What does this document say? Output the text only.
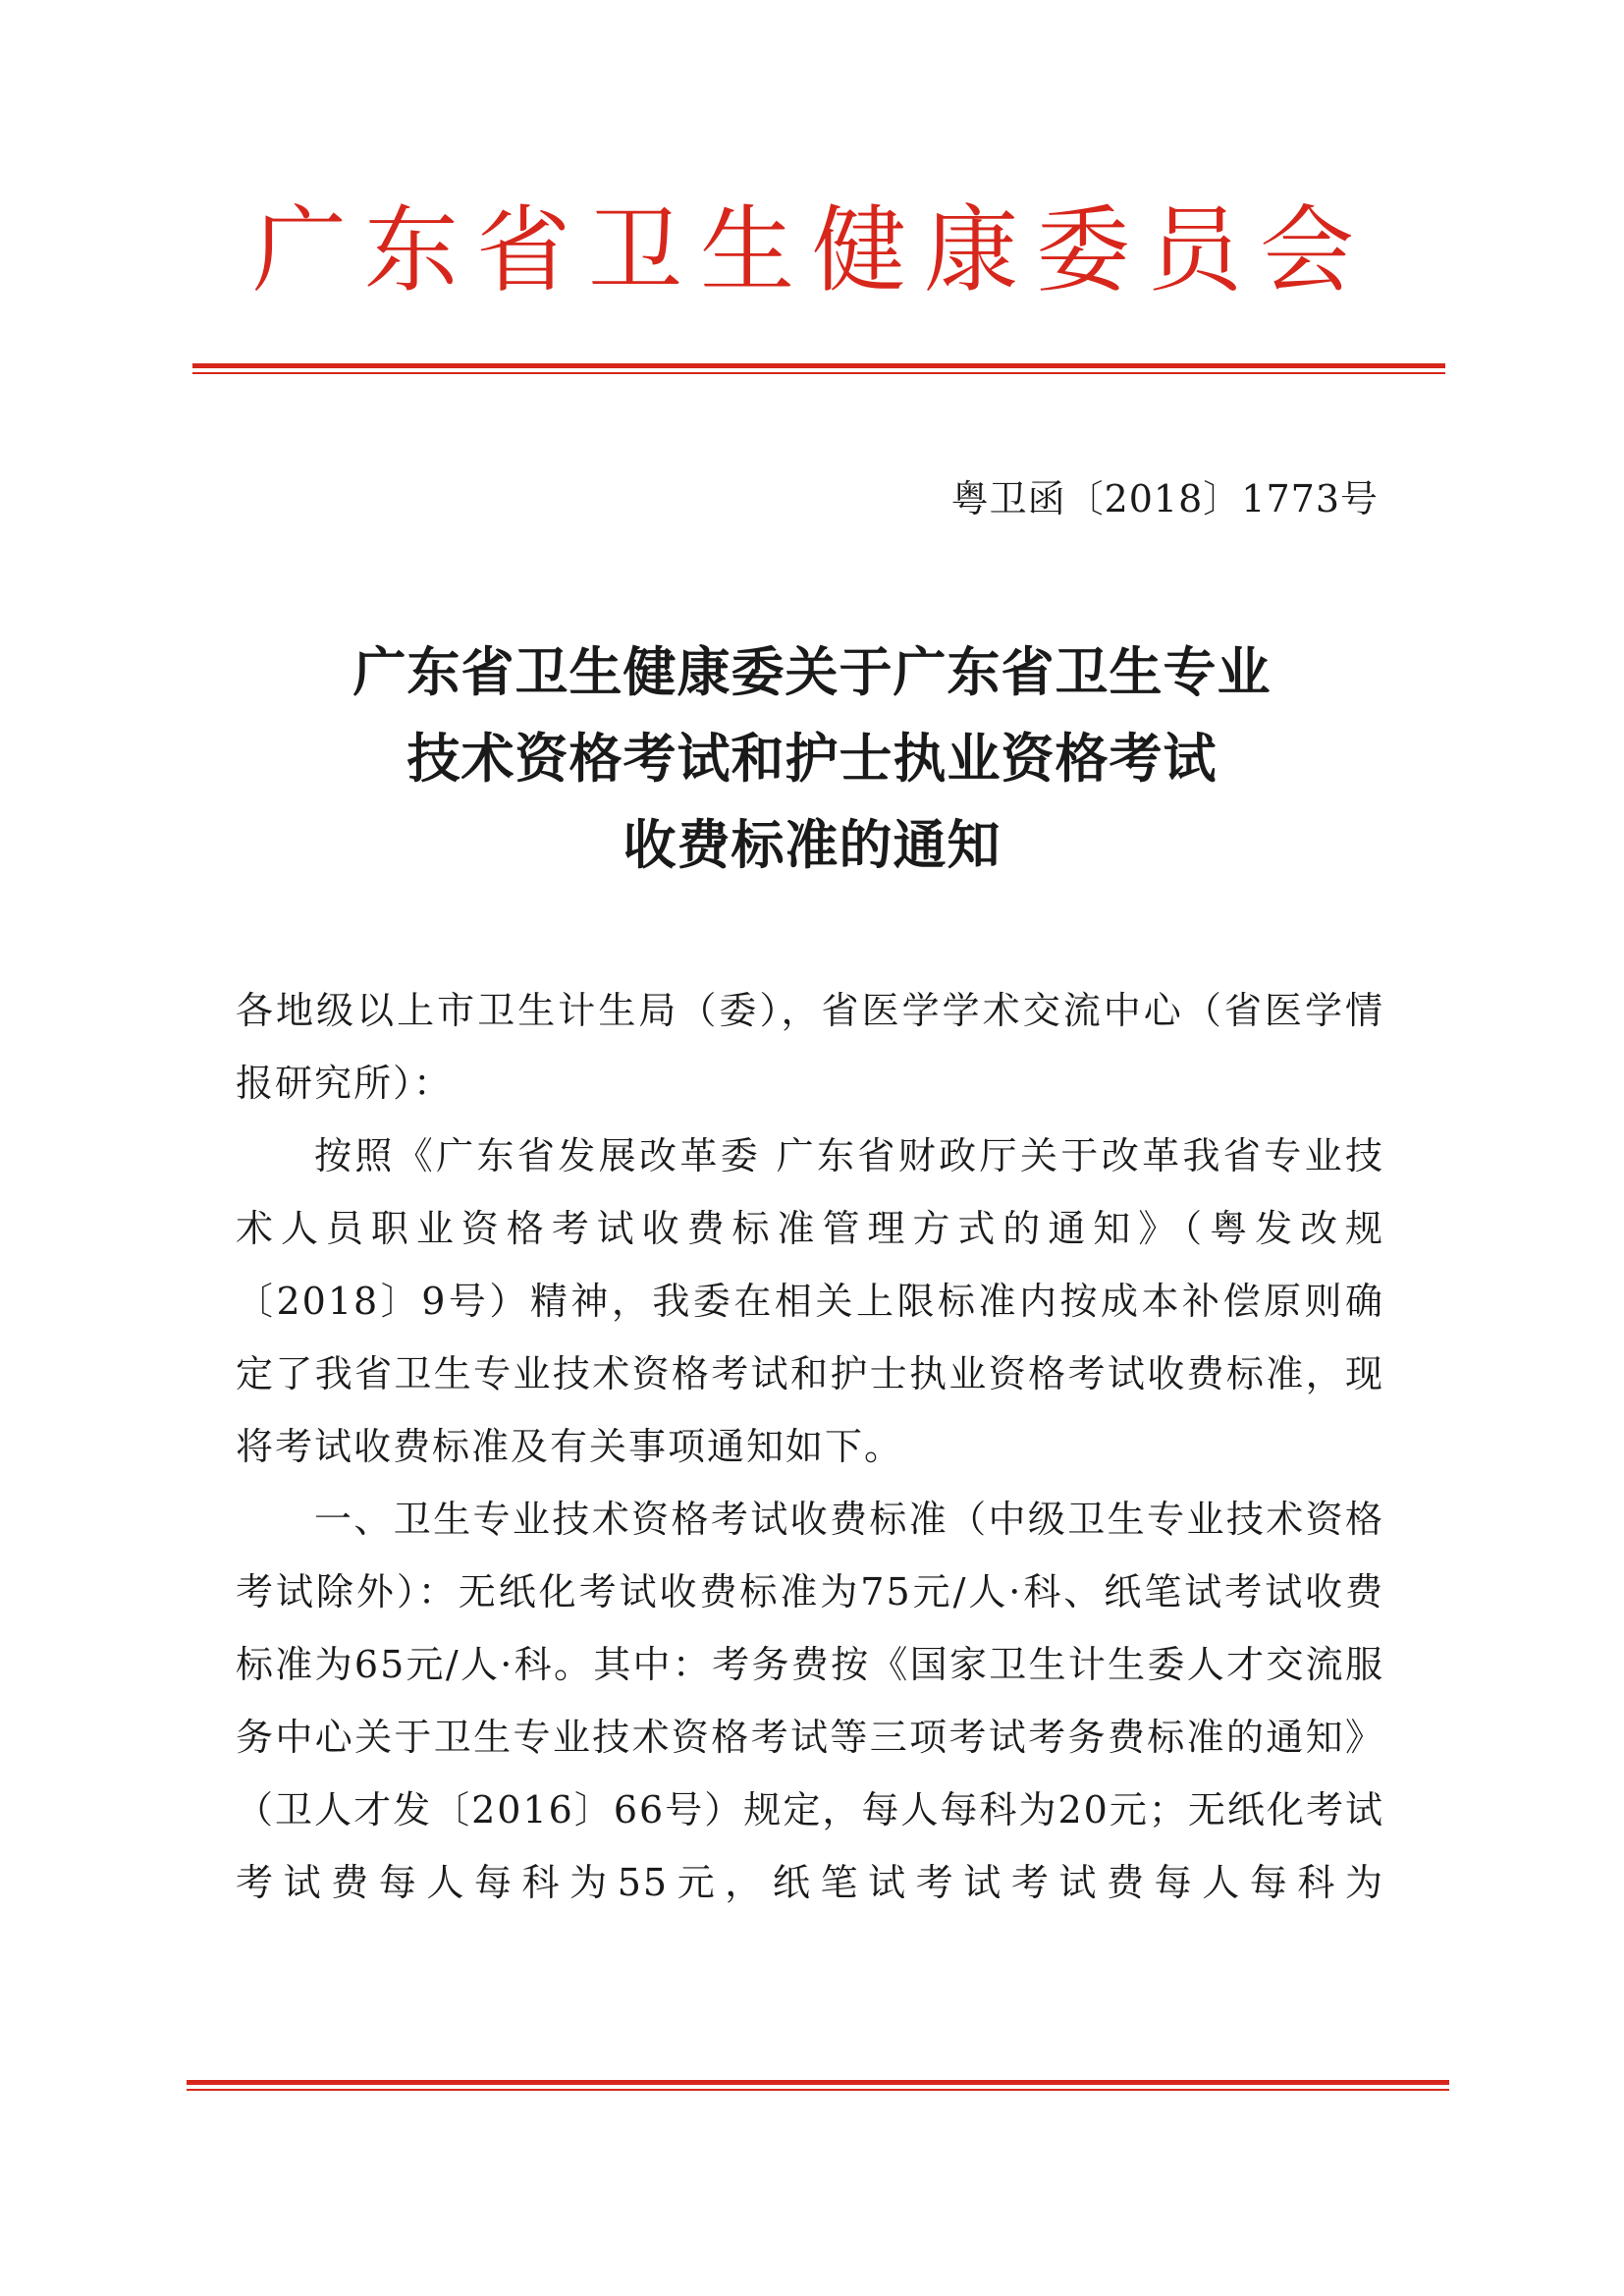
广东省卫生健康委员会
粤卫函〔2018〕1773号
广东省卫生健康委关于广东省卫生专业
技术资格考试和护士执业资格考试
收费标准的通知

各地级以上市卫生计生局（委），省医学学术交流中心（省医学情报研究所）：

按照《广东省发展改革委 广东省财政厅关于改革我省专业技术人员职业资格考试收费标准管理方式的通知》（粤发改规〔2018〕9号）精神，我委在相关上限标准内按成本补偿原则确定了我省卫生专业技术资格考试和护士执业资格考试收费标准，现将考试收费标准及有关事项通知如下。

一、卫生专业技术资格考试收费标准（中级卫生专业技术资格考试除外）：无纸化考试收费标准为75元/人·科、纸笔试考试收费标准为65元/人·科。其中：考务费按《国家卫生计生委人才交流服务中心关于卫生专业技术资格考试等三项考试考务费标准的通知》（卫人才发〔2016〕66号）规定，每人每科为20元；无纸化考试考试费每人每科为55元，纸笔试考试考试费每人每科为
